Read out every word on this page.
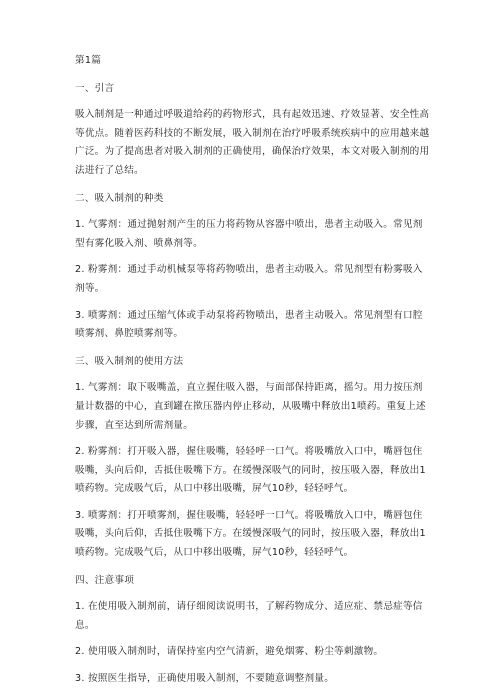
第1篇
一、引言
吸入制剂是一种通过呼吸道给药的药物形式，具有起效迅速、疗效显著、安全性高
等优点。随着医药科技的不断发展，吸入制剂在治疗呼吸系统疾病中的应用越来越
广泛。为了提高患者对吸入制剂的正确使用，确保治疗效果，本文对吸入制剂的用
法进行了总结。
二、吸入制剂的种类
1. 气雾剂：通过抛射剂产生的压力将药物从容器中喷出，患者主动吸入。常见剂
型有雾化吸入剂、喷鼻剂等。
2. 粉雾剂：通过手动机械泵等将药物喷出，患者主动吸入。常见剂型有粉雾吸入
剂等。
3. 喷雾剂：通过压缩气体或手动泵将药物喷出，患者主动吸入。常见剂型有口腔
喷雾剂、鼻腔喷雾剂等。
三、吸入制剂的使用方法
1. 气雾剂：取下吸嘴盖，直立握住吸入器，与面部保持距离，摇匀。用力按压剂
量计数器的中心，直到罐在揿压器内停止移动，从吸嘴中释放出1喷药。重复上述
步骤，直至达到所需剂量。
2. 粉雾剂：打开吸入器，握住吸嘴，轻轻呼一口气。将吸嘴放入口中，嘴唇包住
吸嘴，头向后仰，舌抵住吸嘴下方。在缓慢深吸气的同时，按压吸入器，释放出1
喷药物。完成吸气后，从口中移出吸嘴，屏气10秒，轻轻呼气。
3. 喷雾剂：打开喷雾剂，握住吸嘴，轻轻呼一口气。将吸嘴放入口中，嘴唇包住
吸嘴，头向后仰，舌抵住吸嘴下方。在缓慢深吸气的同时，按压吸入器，释放出1
喷药物。完成吸气后，从口中移出吸嘴，屏气10秒，轻轻呼气。
四、注意事项
1. 在使用吸入制剂前，请仔细阅读说明书，了解药物成分、适应症、禁忌症等信
息。
2. 使用吸入制剂时，请保持室内空气清新，避免烟雾、粉尘等刺激物。
3. 按照医生指导，正确使用吸入制剂，不要随意调整剂量。
